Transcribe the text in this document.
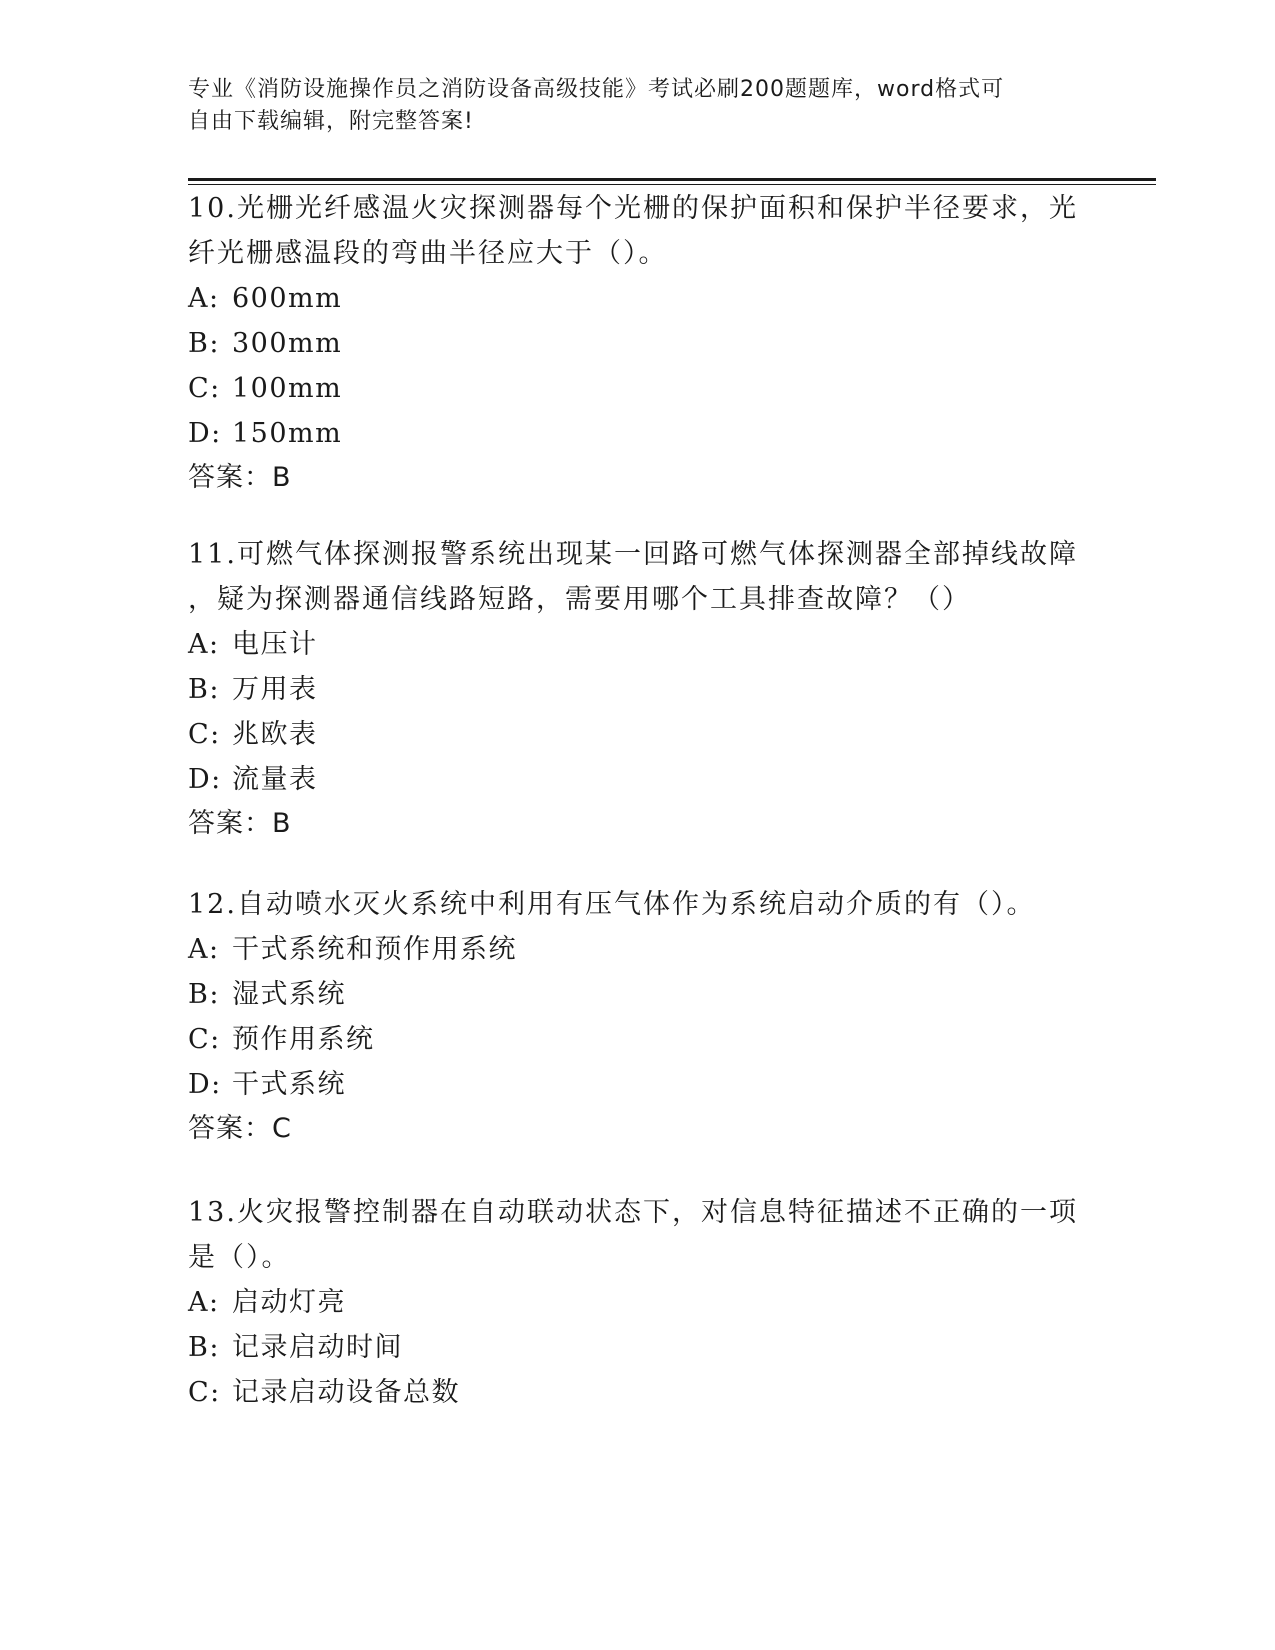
专业《消防设施操作员之消防设备高级技能》考试必刷200题题库，word格式可
自由下载编辑，附完整答案!
10.光栅光纤感温火灾探测器每个光栅的保护面积和保护半径要求，光
纤光栅感温段的弯曲半径应大于（）。
A: 600mm
B: 300mm
C: 100mm
D: 150mm
答案：B
11.可燃气体探测报警系统出现某一回路可燃气体探测器全部掉线故障
，疑为探测器通信线路短路，需要用哪个工具排查故障？（）
A: 电压计
B: 万用表
C: 兆欧表
D: 流量表
答案：B
12.自动喷水灭火系统中利用有压气体作为系统启动介质的有（）。
A: 干式系统和预作用系统
B: 湿式系统
C: 预作用系统
D: 干式系统
答案：C
13.火灾报警控制器在自动联动状态下，对信息特征描述不正确的一项
是（）。
A: 启动灯亮
B: 记录启动时间
C: 记录启动设备总数
